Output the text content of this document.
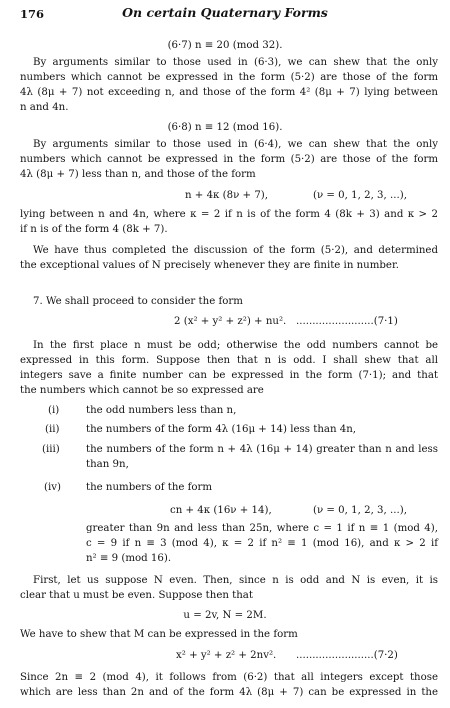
176	On certain Quaternary Forms
(6·7) n ≡ 20 (mod 32).
By arguments similar to those used in (6·3), we can shew that the only
numbers which cannot be expressed in the form (5·2) are those of the form
4λ (8μ + 7) not exceeding n, and those of the form 4² (8μ + 7) lying between
n and 4n.
(6·8) n ≡ 12 (mod 16).
By arguments similar to those used in (6·4), we can shew that the only
numbers which cannot be expressed in the form (5·2) are those of the form
4λ (8μ + 7) less than n, and those of the form
n + 4κ (8ν + 7),	(ν = 0, 1, 2, 3, ...),
lying between n and 4n, where κ = 2 if n is of the form 4 (8k + 3) and κ > 2
if n is of the form 4 (8k + 7).
We have thus completed the discussion of the form (5·2), and determined
the exceptional values of N precisely whenever they are finite in number.
7. We shall proceed to consider the form
2 (x² + y² + z²) + nu². ........................(7·1)
In the first place n must be odd; otherwise the odd numbers cannot be
expressed in this form. Suppose then that n is odd. I shall shew that all
integers save a finite number can be expressed in the form (7·1); and that
the numbers which cannot be so expressed are
(i)	the odd numbers less than n,
(ii)	the numbers of the form 4λ (16μ + 14) less than 4n,
(iii)	the numbers of the form n + 4λ (16μ + 14) greater than n and less
than 9n,
(iv) the numbers of the form
cn + 4κ (16ν + 14),	(ν = 0, 1, 2, 3, ...),
greater than 9n and less than 25n, where c = 1 if n ≡ 1 (mod 4),
c = 9 if n ≡ 3 (mod 4), κ = 2 if n² ≡ 1 (mod 16), and κ > 2 if
n² ≡ 9 (mod 16).
First, let us suppose N even. Then, since n is odd and N is even, it is
clear that u must be even. Suppose then that
u = 2v, N = 2M.
We have to shew that M can be expressed in the form
x² + y² + z² + 2nv². ........................(7·2)
Since 2n ≡ 2 (mod 4), it follows from (6·2) that all integers except those
which are less than 2n and of the form 4λ (8μ + 7) can be expressed in the
